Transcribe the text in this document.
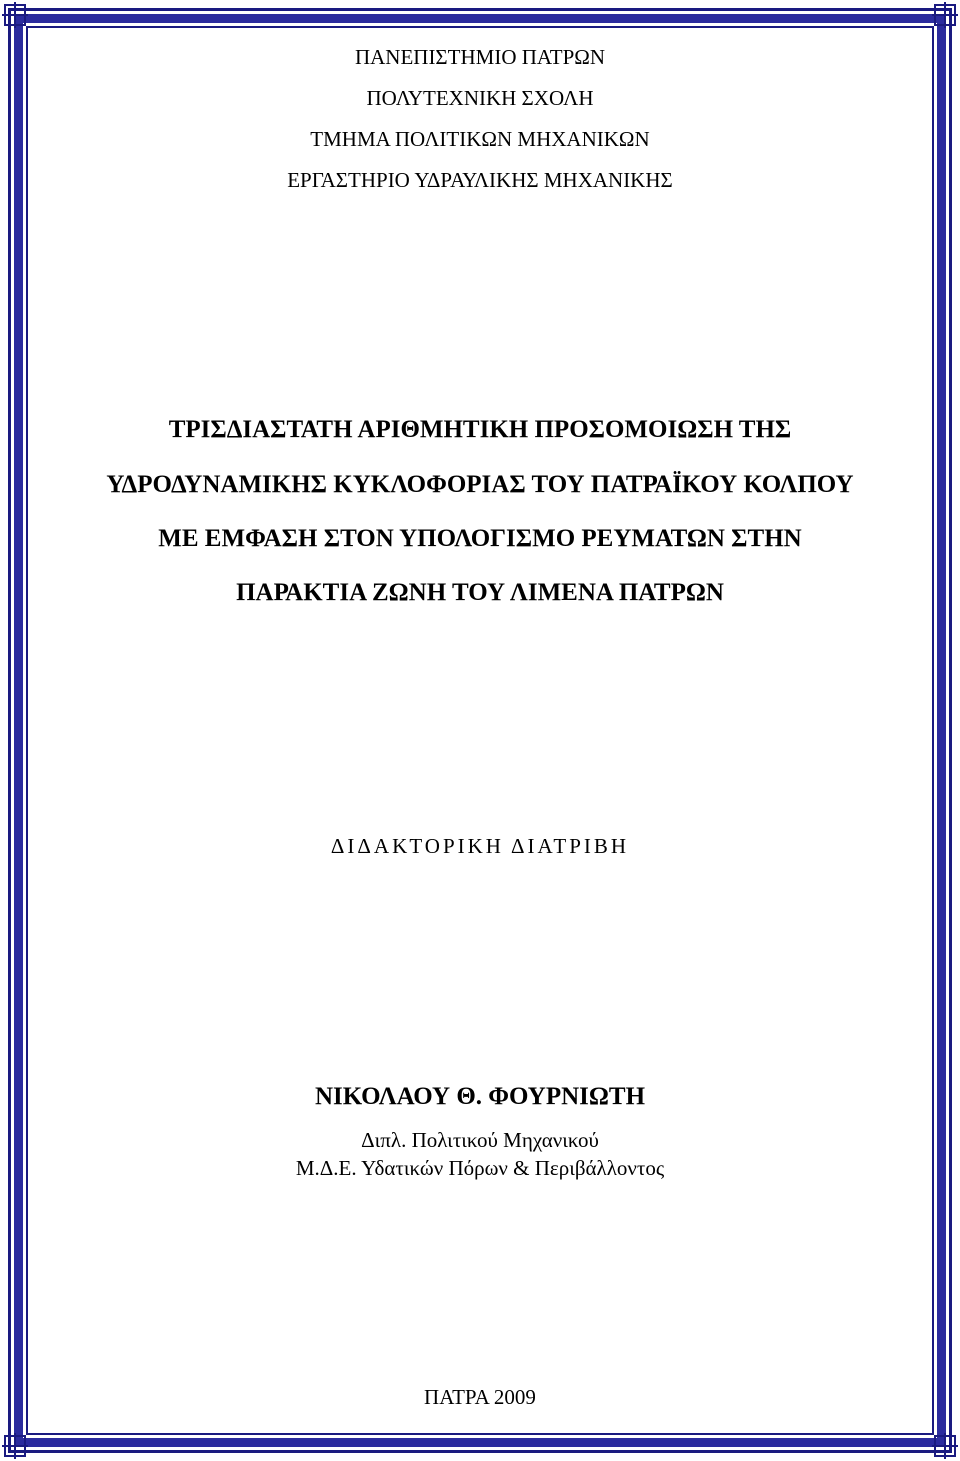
ΠΑΝΕΠΙΣΤΗΜΙΟ ΠΑΤΡΩΝ
ΠΟΛΥΤΕΧΝΙΚΗ ΣΧΟΛΗ
ΤΜΗΜΑ ΠΟΛΙΤΙΚΩΝ ΜΗΧΑΝΙΚΩΝ
ΕΡΓΑΣΤΗΡΙΟ ΥΔΡΑΥΛΙΚΗΣ ΜΗΧΑΝΙΚΗΣ
ΤΡΙΣΔΙΑΣΤΑΤΗ ΑΡΙΘΜΗΤΙΚΗ ΠΡΟΣΟΜΟΙΩΣΗ ΤΗΣ
ΥΔΡΟΔΥΝΑΜΙΚΗΣ ΚΥΚΛΟΦΟΡΙΑΣ ΤΟΥ ΠΑΤΡΑΪΚΟΥ ΚΟΛΠΟΥ
ΜΕ ΕΜΦΑΣΗ ΣΤΟΝ ΥΠΟΛΟΓΙΣΜΟ ΡΕΥΜΑΤΩΝ ΣΤΗΝ
ΠΑΡΑΚΤΙΑ ΖΩΝΗ ΤΟΥ ΛΙΜΕΝΑ ΠΑΤΡΩΝ
ΔΙΔΑΚΤΟΡΙΚΗ ΔΙΑΤΡΙΒΗ
ΝΙΚΟΛΑΟΥ Θ. ΦΟΥΡΝΙΩΤΗ
Διπλ. Πολιτικού Μηχανικού
Μ.Δ.Ε. Υδατικών Πόρων & Περιβάλλοντος
ΠΑΤΡΑ 2009
